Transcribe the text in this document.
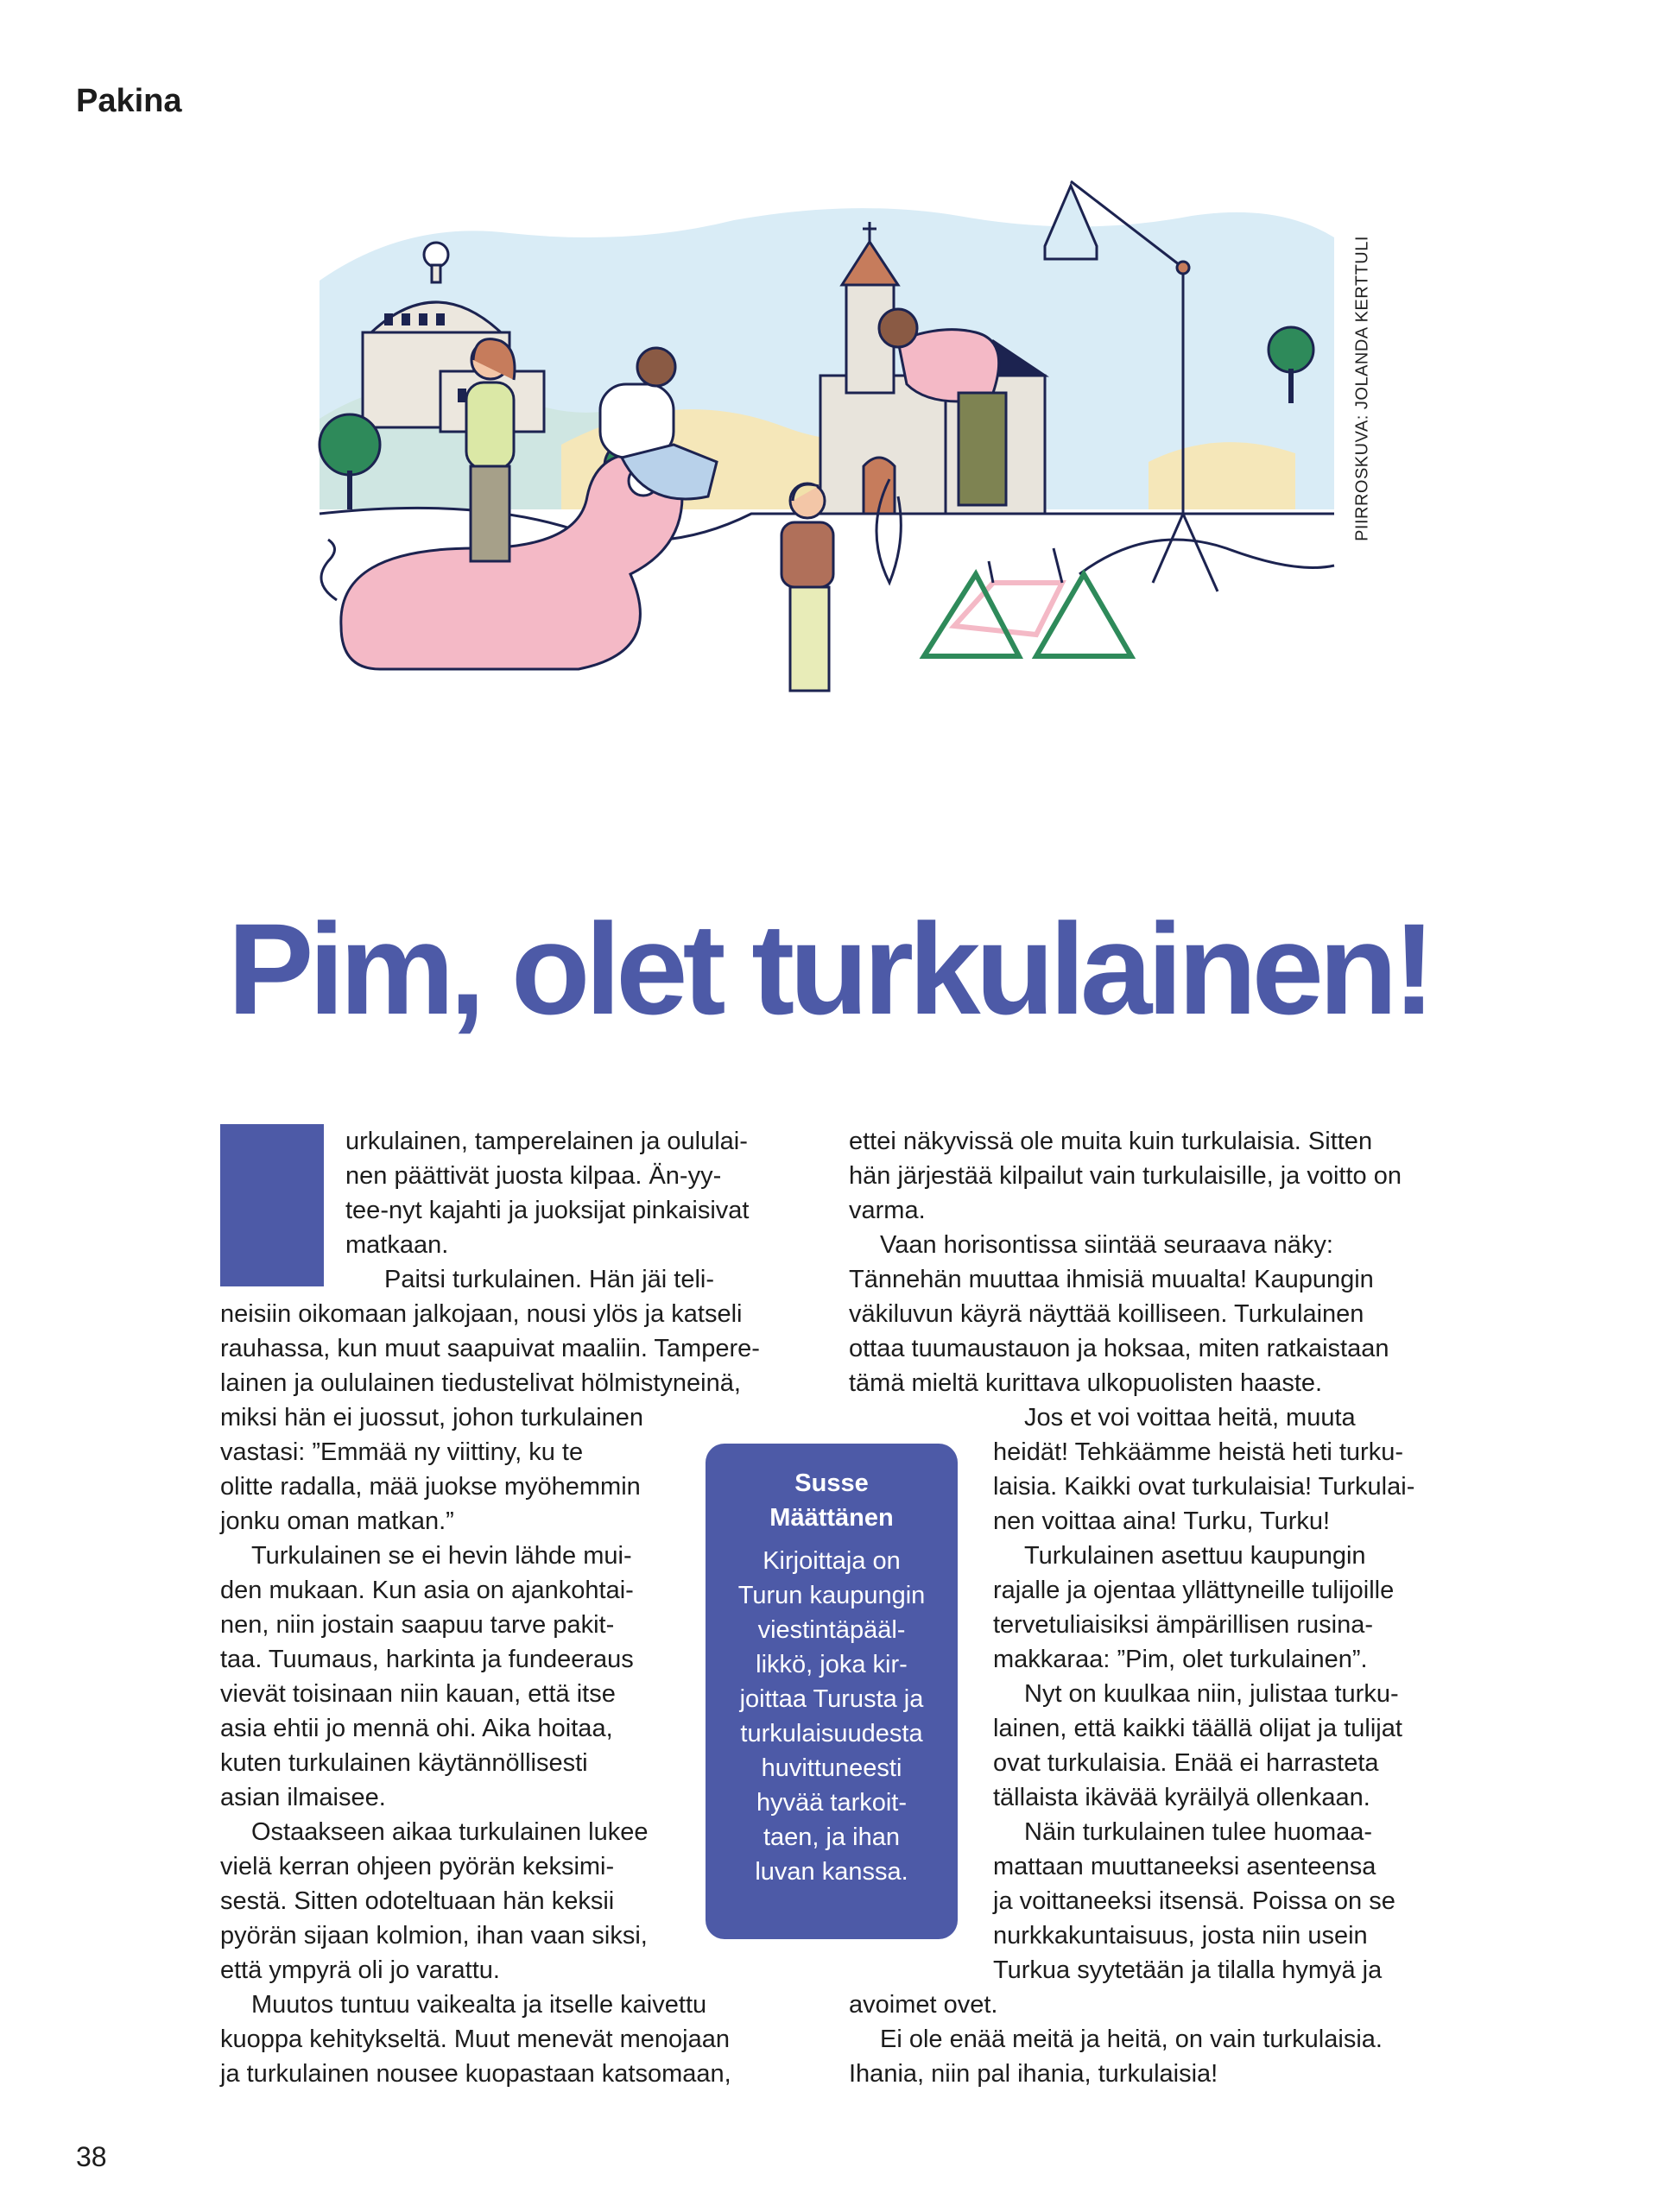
Pakina
PIIRROSKUVA: JOLANDA KERTTULI
Pim, olet turkulainen!

urkulainen, tamperelainen ja oululai-

nen päättivät juosta kilpaa. Än-yy-

tee-nyt kajahti ja juoksijat pinkaisivat

matkaan.

Paitsi turkulainen. Hän jäi teli-

neisiin oikomaan jalkojaan, nousi ylös ja katseli

rauhassa, kun muut saapuivat maaliin. Tampere-

lainen ja oululainen tiedustelivat hölmistyneinä,

miksi hän ei juossut, johon turkulainen

vastasi: ”Emmää ny viittiny, ku te

olitte radalla, mää juokse myöhemmin

jonku oman matkan.”

Turkulainen se ei hevin lähde mui-

den mukaan. Kun asia on ajankohtai-

nen, niin jostain saapuu tarve pakit-

taa. Tuumaus, harkinta ja fundeeraus

vievät toisinaan niin kauan, että itse

asia ehtii jo mennä ohi. Aika hoitaa,

kuten turkulainen käytännöllisesti

asian ilmaisee.

Ostaakseen aikaa turkulainen lukee

vielä kerran ohjeen pyörän keksimi-

sestä. Sitten odoteltuaan hän keksii

pyörän sijaan kolmion, ihan vaan siksi,

että ympyrä oli jo varattu.

Muutos tuntuu vaikealta ja itselle kaivettu

kuoppa kehitykseltä. Muut menevät menojaan

ja turkulainen nousee kuopastaan katsomaan,

Susse
Määttänen
Kirjoittaja on
Turun kaupungin
viestintäpääl-
likkö, joka kir-
joittaa Turusta ja
turkulaisuudesta
huvittuneesti
hyvää tarkoit-
taen, ja ihan
luvan kanssa.

ettei näkyvissä ole muita kuin turkulaisia. Sitten

hän järjestää kilpailut vain turkulaisille, ja voitto on

varma.

Vaan horisontissa siintää seuraava näky:

Tännehän muuttaa ihmisiä muualta! Kaupungin

väkiluvun käyrä näyttää koilliseen. Turkulainen

ottaa tuumaustauon ja hoksaa, miten ratkaistaan

tämä mieltä kurittava ulkopuolisten haaste.

Jos et voi voittaa heitä, muuta

heidät! Tehkäämme heistä heti turku-

laisia. Kaikki ovat turkulaisia! Turkulai-

nen voittaa aina! Turku, Turku!

Turkulainen asettuu kaupungin

rajalle ja ojentaa yllättyneille tulijoille

tervetuliaisiksi ämpärillisen rusina-

makkaraa: ”Pim, olet turkulainen”.

Nyt on kuulkaa niin, julistaa turku-

lainen, että kaikki täällä olijat ja tulijat

ovat turkulaisia. Enää ei harrasteta

tällaista ikävää kyräilyä ollenkaan.

Näin turkulainen tulee huomaa-

mattaan muuttaneeksi asenteensa

ja voittaneeksi itsensä. Poissa on se

nurkkakuntaisuus, josta niin usein

Turkua syytetään ja tilalla hymyä ja

avoimet ovet.

Ei ole enää meitä ja heitä, on vain turkulaisia.

Ihania, niin pal ihania, turkulaisia!

38
